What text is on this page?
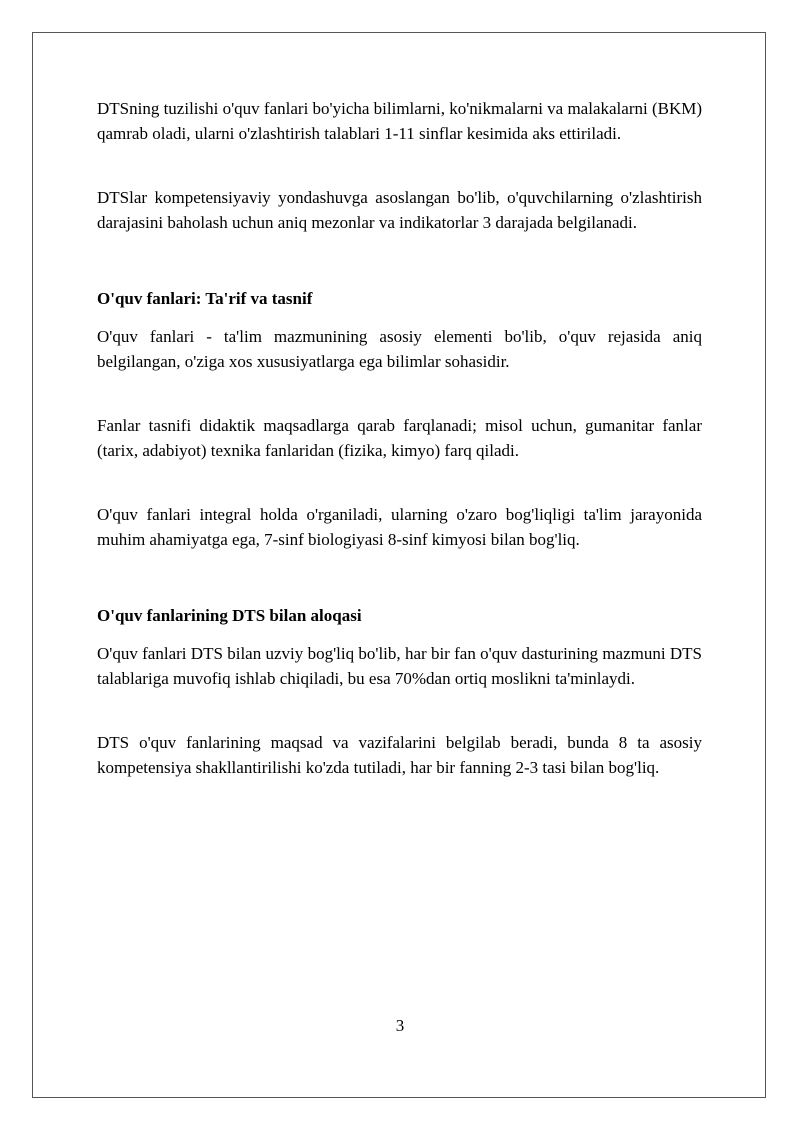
DTSning tuzilishi o'quv fanlari bo'yicha bilimlarni, ko'nikmalarni va malakalarni (BKM) qamrab oladi, ularni o'zlashtirish talablari 1-11 sinflar kesimida aks ettiriladi.

DTSlar kompetensiyaviy yondashuvga asoslangan bo'lib, o'quvchilarning o'zlashtirish darajasini baholash uchun aniq mezonlar va indikatorlar 3 darajada belgilanadi.

O'quv fanlari: Ta'rif va tasnif

O'quv fanlari - ta'lim mazmunining asosiy elementi bo'lib, o'quv rejasida aniq belgilangan, o'ziga xos xususiyatlarga ega bilimlar sohasidir.

Fanlar tasnifi didaktik maqsadlarga qarab farqlanadi; misol uchun, gumanitar fanlar (tarix, adabiyot) texnika fanlaridan (fizika, kimyo) farq qiladi.

O'quv fanlari integral holda o'rganiladi, ularning o'zaro bog'liqligi ta'lim jarayonida muhim ahamiyatga ega, 7-sinf biologiyasi 8-sinf kimyosi bilan bog'liq.

O'quv fanlarining DTS bilan aloqasi

O'quv fanlari DTS bilan uzviy bog'liq bo'lib, har bir fan o'quv dasturining mazmuni DTS talablariga muvofiq ishlab chiqiladi, bu esa 70%dan ortiq moslikni ta'minlaydi.

DTS o'quv fanlarining maqsad va vazifalarini belgilab beradi, bunda 8 ta asosiy kompetensiya shakllantirilishi ko'zda tutiladi, har bir fanning 2-3 tasi bilan bog'liq.

3
